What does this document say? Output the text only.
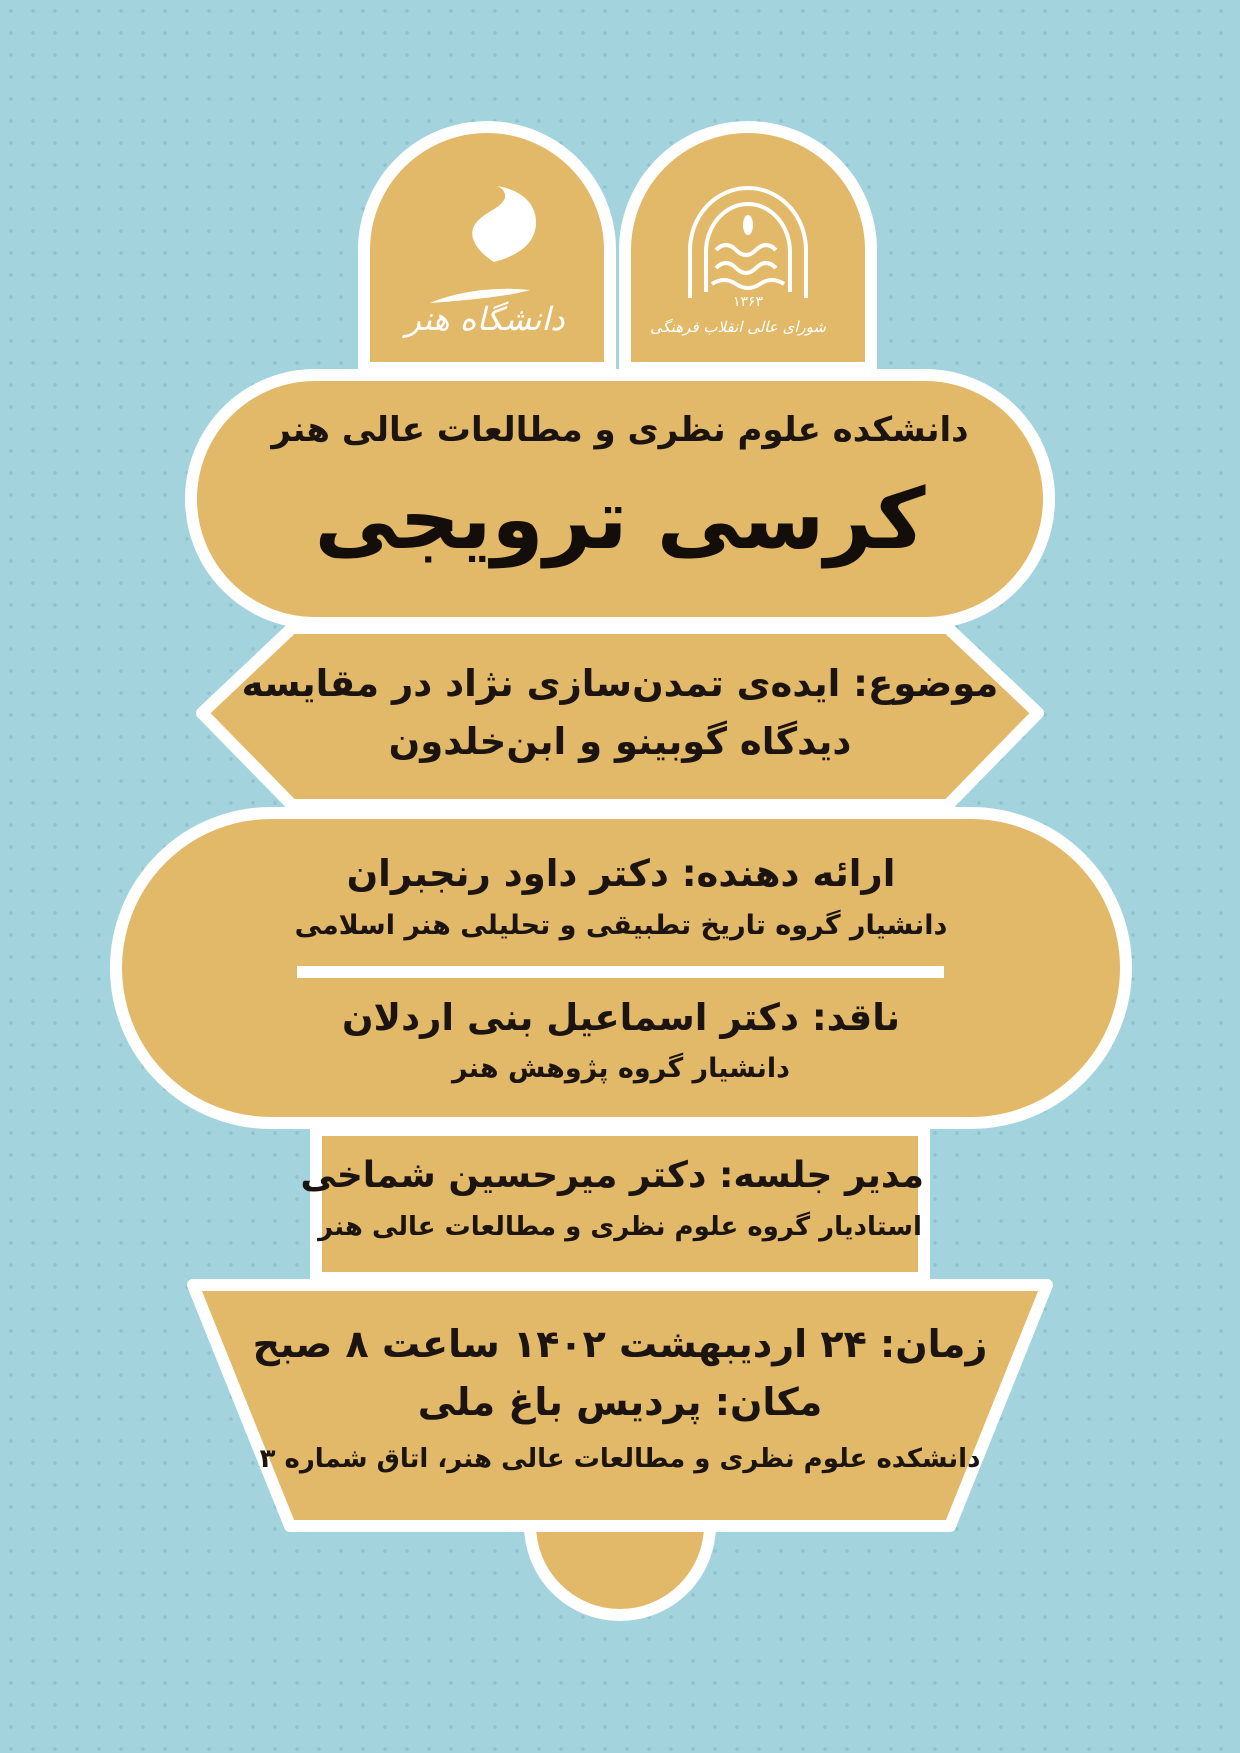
دانشگاه هنر	۱۳۶۳
شورای عالی انقلاب فرهنگی
دانشکده علوم نظری و مطالعات عالی هنر
کرسی ترویجی
موضوع: ایده‌ی تمدن‌سازی نژاد در مقایسه
دیدگاه گوبینو و ابن‌خلدون
ارائه دهنده: دکتر داود رنجبران
دانشیار گروه تاریخ تطبیقی و تحلیلی هنر اسلامی
ناقد: دکتر اسماعیل بنی اردلان
دانشیار گروه پژوهش هنر
مدیر جلسه: دکتر میرحسین شماخی
استادیار گروه علوم نظری و مطالعات عالی هنر
زمان: ۲۴ اردیبهشت ۱۴۰۲ ساعت ۸ صبح
مکان: پردیس باغ ملی
دانشکده علوم نظری و مطالعات عالی هنر، اتاق شماره ۳
